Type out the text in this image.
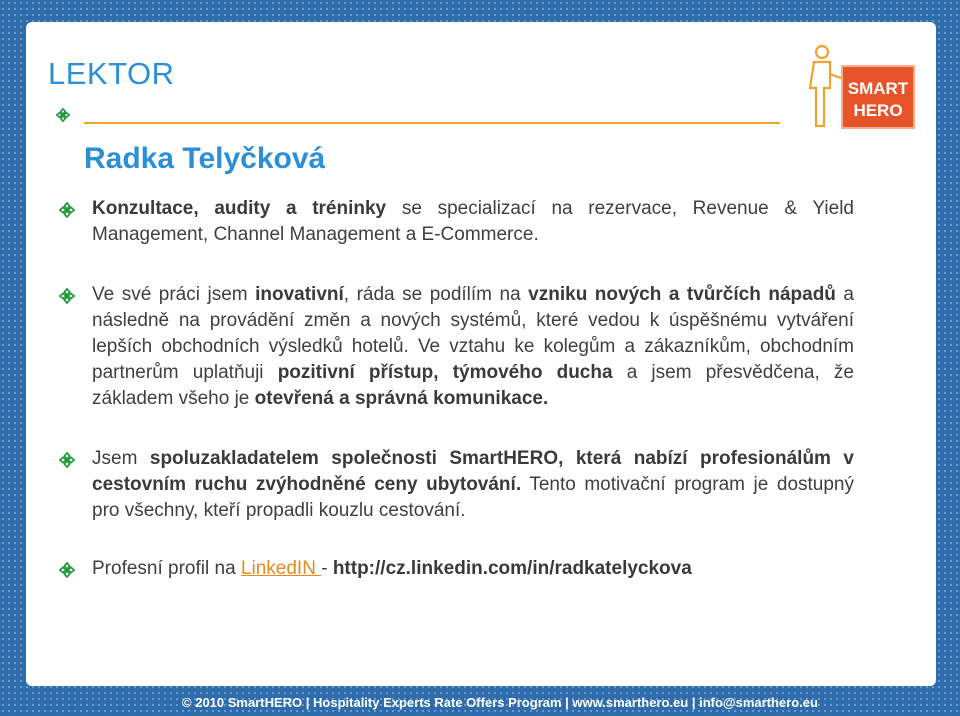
LEKTOR	SMART
HERO
Radka Telyčková
Konzultace, audity a tréninky se specializací na rezervace, Revenue & Yield Management, Channel Management a E-Commerce.
Ve své práci jsem inovativní, ráda se podílím na vzniku nových a tvůrčích nápadů a následně na provádění změn a nových systémů, které vedou k úspěšnému vytváření lepších obchodních výsledků hotelů. Ve vztahu ke kolegům a zákazníkům, obchodním partnerům uplatňuji pozitivní přístup, týmového ducha a jsem přesvědčena, že základem všeho je otevřená a správná komunikace.
Jsem spoluzakladatelem společnosti SmartHERO, která nabízí profesionálům v cestovním ruchu zvýhodněné ceny ubytování. Tento motivační program je dostupný pro všechny, kteří propadli kouzlu cestování.
Profesní profil na LinkedIN - http://cz.linkedin.com/in/radkatelyckova
© 2010 SmartHERO | Hospitality Experts Rate Offers Program | www.smarthero.eu | info@smarthero.eu
